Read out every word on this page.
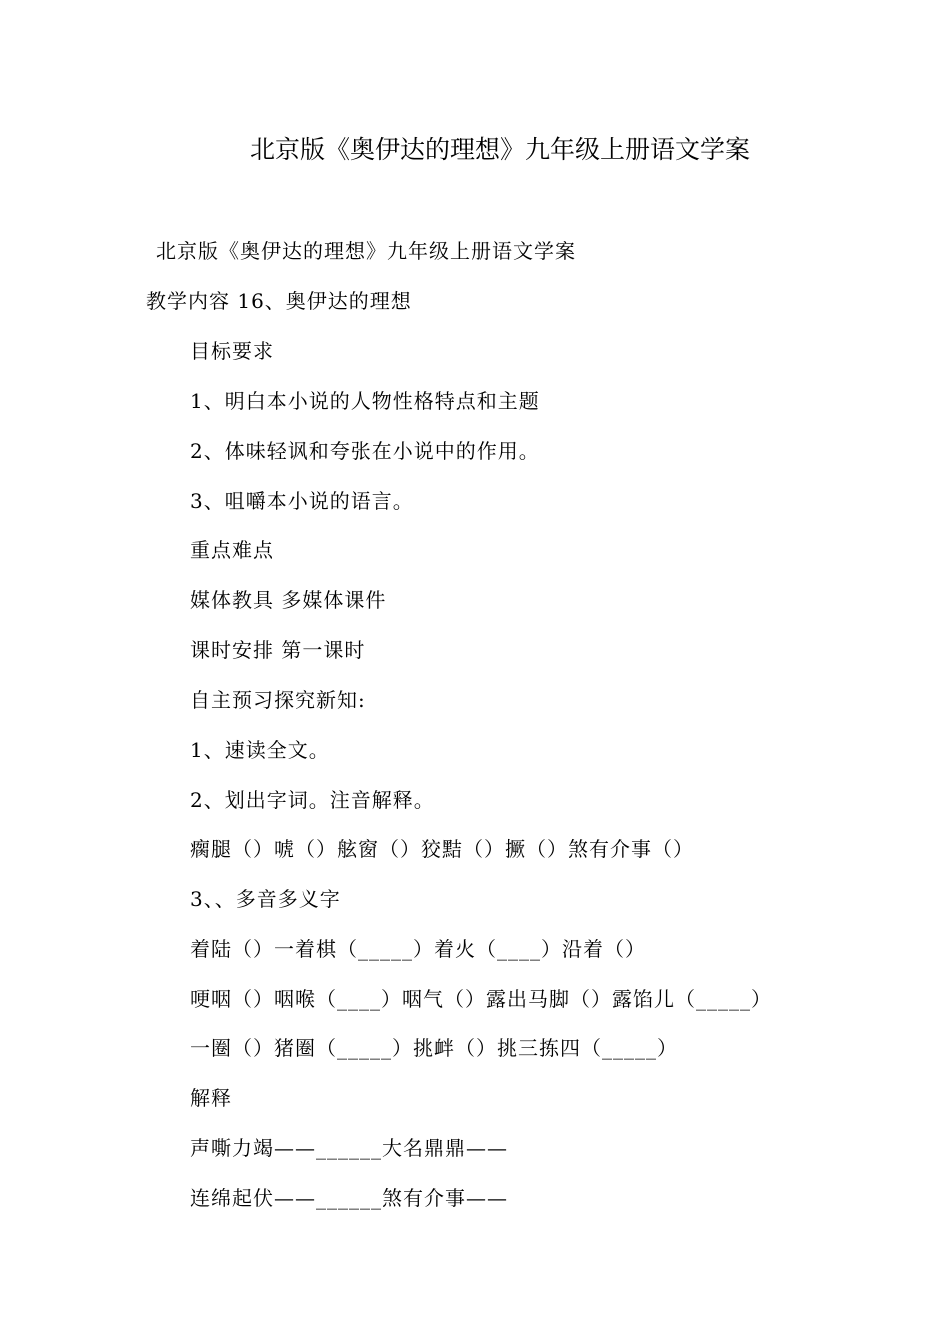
北京版《奥伊达的理想》九年级上册语文学案
北京版《奥伊达的理想》九年级上册语文学案
教学内容 16、奥伊达的理想
目标要求
1、明白本小说的人物性格特点和主题
2、体味轻讽和夸张在小说中的作用。
3、咀嚼本小说的语言。
重点难点
媒体教具 多媒体课件
课时安排 第一课时
自主预习探究新知:
1、速读全文。
2、划出字词。注音解释。
瘸腿（）唬（）舷窗（）狡黠（）撅（）煞有介事（）
3、、多音多义字
着陆（）一着棋（_____）着火（____）沿着（）
哽咽（）咽喉（____）咽气（）露出马脚（）露馅儿（_____）
一圈（）猪圈（_____）挑衅（）挑三拣四（_____）
解释
声嘶力竭——______大名鼎鼎——
连绵起伏——______煞有介事——
